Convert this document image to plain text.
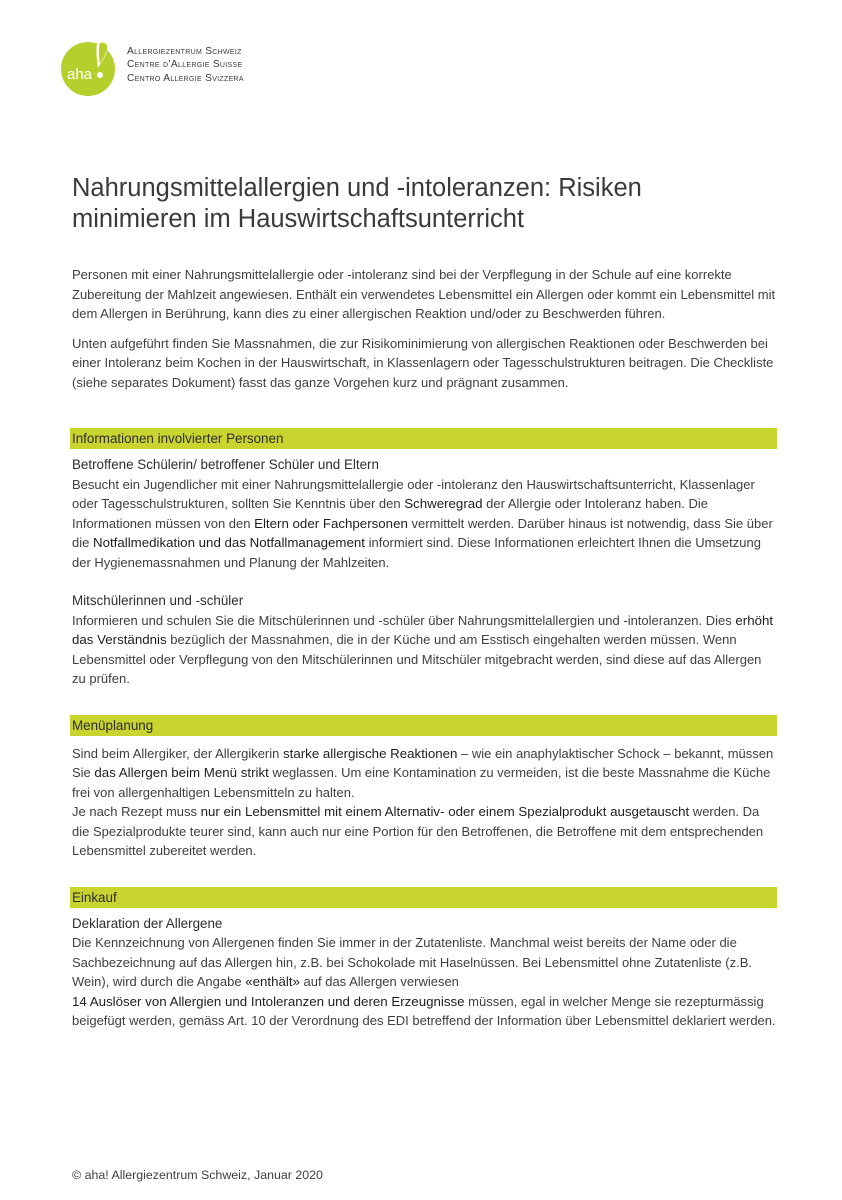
aha
Allergiezentrum Schweiz
Centre d’Allergie Suisse
Centro Allergie Svizzera
Nahrungsmittelallergien und -intoleranzen: Risiken minimieren im Hauswirtschaftsunterricht

Personen mit einer Nahrungsmittelallergie oder -intoleranz sind bei der Verpflegung in der Schule auf eine korrekte Zubereitung der Mahlzeit angewiesen. Enthält ein verwendetes Lebensmittel ein Allergen oder kommt ein Lebensmittel mit dem Allergen in Berührung, kann dies zu einer allergischen Reaktion und/oder zu Beschwerden führen.

Unten aufgeführt finden Sie Massnahmen, die zur Risikominimierung von allergischen Reaktionen oder Beschwerden bei einer Intoleranz beim Kochen in der Hauswirtschaft, in Klassenlagern oder Tagesschulstrukturen beitragen. Die Checkliste (siehe separates Dokument) fasst das ganze Vorgehen kurz und prägnant zusammen.

Informationen involvierter Personen
Betroffene Schülerin/ betroffener Schüler und Eltern

Besucht ein Jugendlicher mit einer Nahrungsmittelallergie oder -intoleranz den Hauswirtschaftsunterricht, Klassenlager oder Tagesschulstrukturen, sollten Sie Kenntnis über den Schweregrad der Allergie oder Intoleranz haben. Die Informationen müssen von den Eltern oder Fachpersonen vermittelt werden. Darüber hinaus ist notwendig, dass Sie über die Notfallmedikation und das Notfallmanagement informiert sind. Diese Informationen erleichtert Ihnen die Umsetzung der Hygienemassnahmen und Planung der Mahlzeiten.

Mitschülerinnen und -schüler

Informieren und schulen Sie die Mitschülerinnen und -schüler über Nahrungsmittelallergien und -intoleranzen. Dies erhöht das Verständnis bezüglich der Massnahmen, die in der Küche und am Esstisch eingehalten werden müssen. Wenn Lebensmittel oder Verpflegung von den Mitschülerinnen und Mitschüler mitgebracht werden, sind diese auf das Allergen zu prüfen.

Menüplanung

Sind beim Allergiker, der Allergikerin starke allergische Reaktionen – wie ein anaphylaktischer Schock – bekannt, müssen Sie das Allergen beim Menü strikt weglassen. Um eine Kontamination zu vermeiden, ist die beste Massnahme die Küche frei von allergenhaltigen Lebensmitteln zu halten.

Je nach Rezept muss nur ein Lebensmittel mit einem Alternativ- oder einem Spezialprodukt ausgetauscht werden. Da die Spezialprodukte teurer sind, kann auch nur eine Portion für den Betroffenen, die Betroffene mit dem entsprechenden Lebensmittel zubereitet werden.

Einkauf
Deklaration der Allergene

Die Kennzeichnung von Allergenen finden Sie immer in der Zutatenliste. Manchmal weist bereits der Name oder die Sachbezeichnung auf das Allergen hin, z.B. bei Schokolade mit Haselnüssen. Bei Lebensmittel ohne Zutatenliste (z.B. Wein), wird durch die Angabe «enthält» auf das Allergen verwiesen

14 Auslöser von Allergien und Intoleranzen und deren Erzeugnisse müssen, egal in welcher Menge sie rezepturmässig beigefügt werden, gemäss Art. 10 der Verordnung des EDI betreffend der Information über Lebensmittel deklariert werden.

© aha! Allergiezentrum Schweiz, Januar 2020
